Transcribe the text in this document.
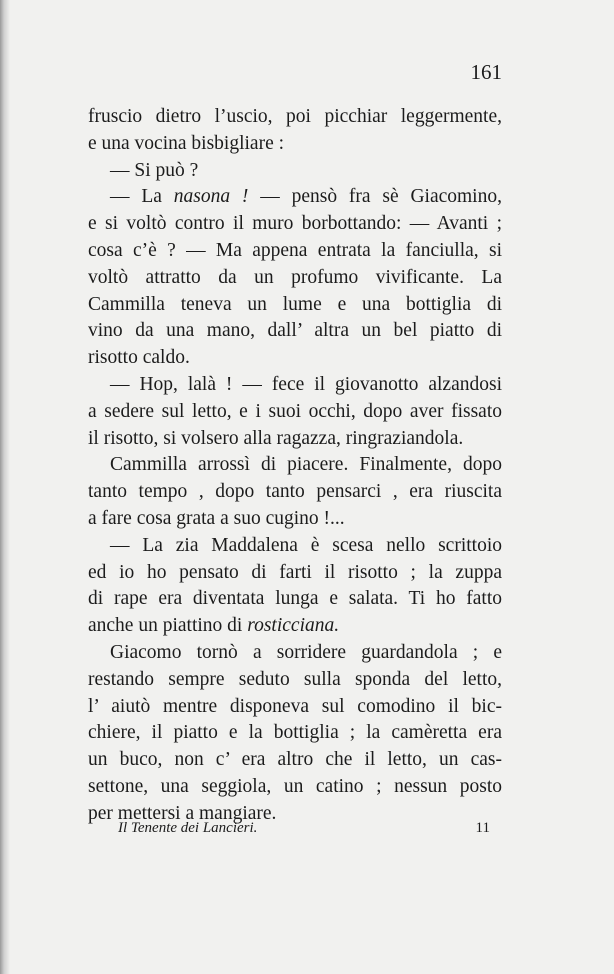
161
fruscio dietro l’uscio, poi picchiar leggermente,
e una vocina bisbigliare :
— Si può ?
— La nasona ! — pensò fra sè Giacomino,
e si voltò contro il muro borbottando: — Avanti ;
cosa c’è ? — Ma appena entrata la fanciulla, si
voltò attratto da un profumo vivificante. La
Cammilla teneva un lume e una bottiglia di
vino da una mano, dall’ altra un bel piatto di
risotto caldo.
— Hop, lalà ! — fece il giovanotto alzandosi
a sedere sul letto, e i suoi occhi, dopo aver fissato
il risotto, si volsero alla ragazza, ringraziandola.
Cammilla arrossì di piacere. Finalmente, dopo
tanto tempo , dopo tanto pensarci , era riuscita
a fare cosa grata a suo cugino !...
— La zia Maddalena è scesa nello scrittoio
ed io ho pensato di farti il risotto ; la zuppa
di rape era diventata lunga e salata. Ti ho fatto
anche un piattino di rosticciana.
Giacomo tornò a sorridere guardandola ; e
restando sempre seduto sulla sponda del letto,
l’ aiutò mentre disponeva sul comodino il bic-
chiere, il piatto e la bottiglia ; la camèretta era
un buco, non c’ era altro che il letto, un cas-
settone, una seggiola, un catino ; nessun posto
per mettersi a mangiare.
Il Tenente dei Lancieri.	11
